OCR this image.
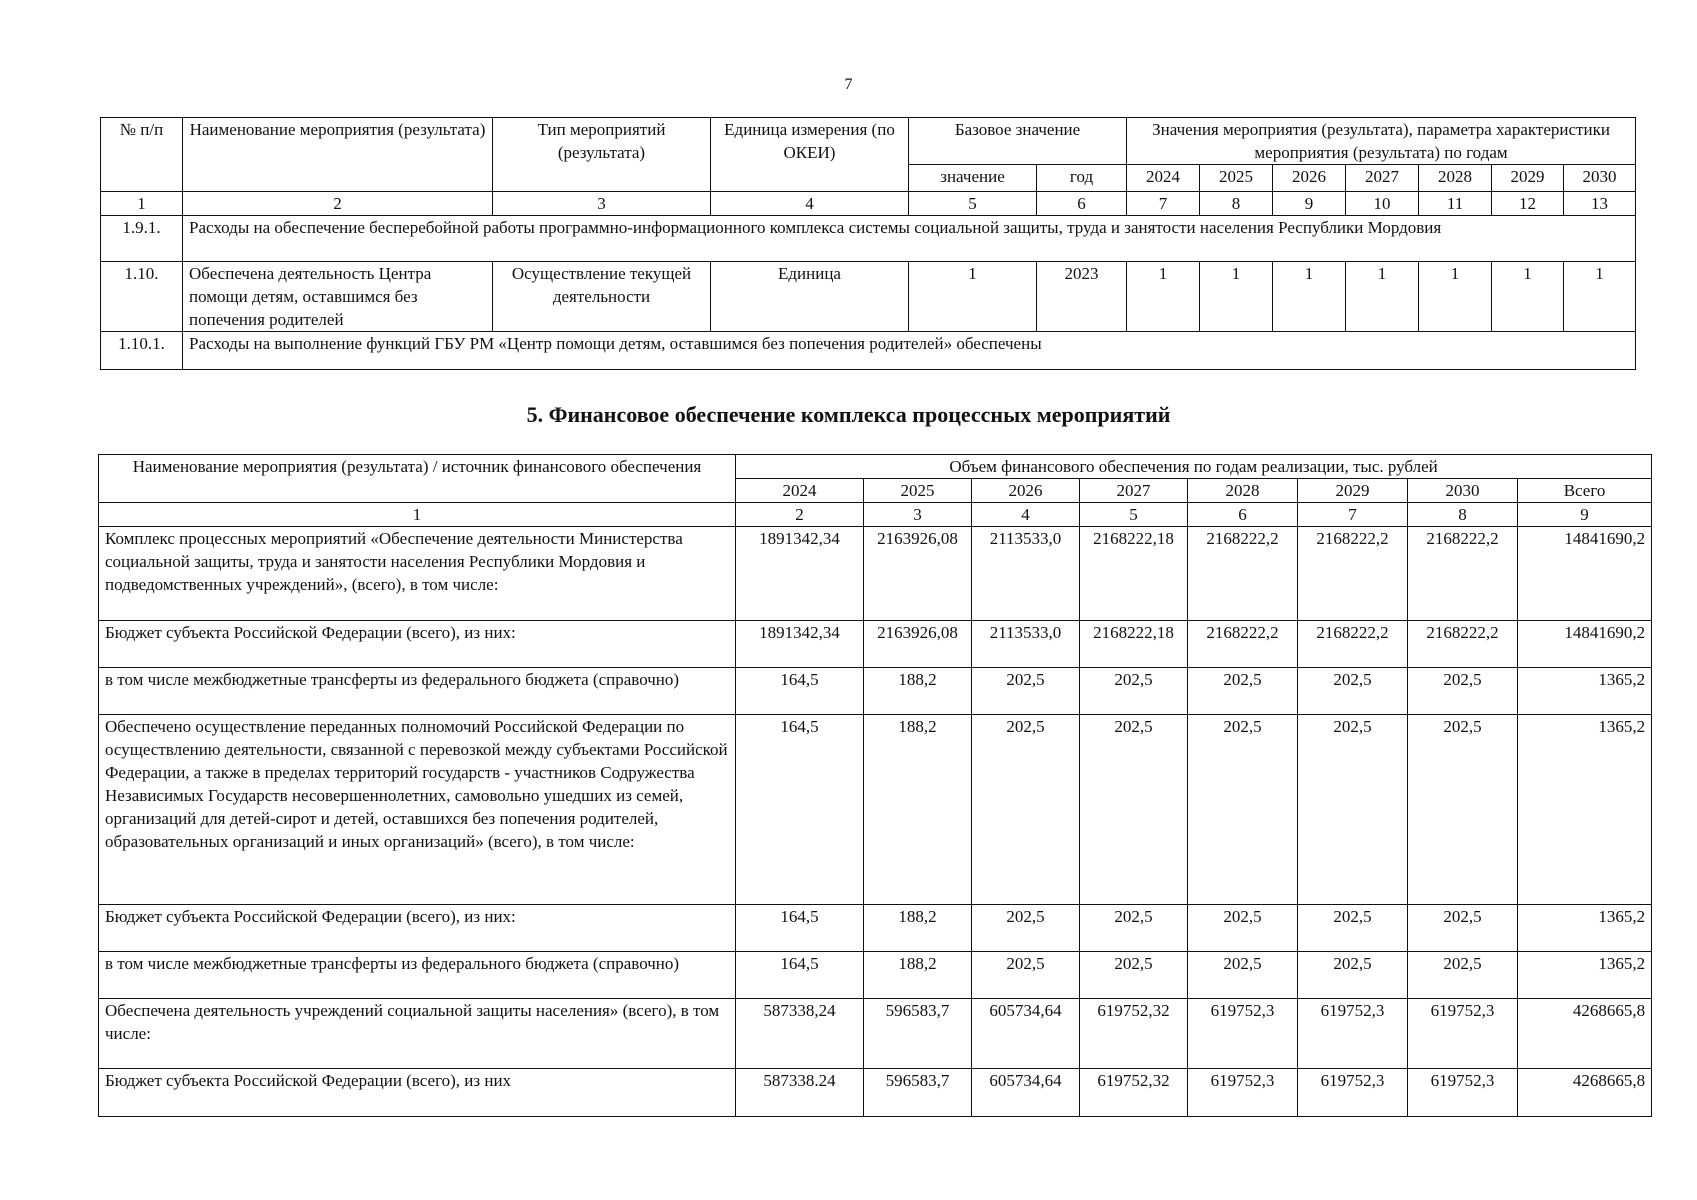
7
№ п/п	Наименование мероприятия (результата)	Тип мероприятий (результата)	Единица измерения (по ОКЕИ)	Базовое значение		Значения мероприятия (результата), параметра характеристики мероприятия (результата) по годам						
				значение	год	2024	2025	2026	2027	2028	2029	2030
1	2	3	4	5	6	7	8	9	10	11	12	13
1.9.1.	Расходы на обеспечение бесперебойной работы программно-информационного комплекса системы социальной защиты, труда и занятости населения Республики Мордовия											
1.10.	Обеспечена деятельность Центра помощи детям, оставшимся без попечения родителей	Осуществление текущей деятельности	Единица	1	2023	1	1	1	1	1	1	1
1.10.1.	Расходы на выполнение функций ГБУ РМ «Центр помощи детям, оставшимся без попечения родителей» обеспечены											
5. Финансовое обеспечение комплекса процессных мероприятий
Наименование мероприятия (результата) / источник финансового обеспечения	Объем финансового обеспечения по годам реализации, тыс. рублей							
	2024	2025	2026	2027	2028	2029	2030	Всего
1	2	3	4	5	6	7	8	9
Комплекс процессных мероприятий «Обеспечение деятельности Министерства социальной защиты, труда и занятости населения Республики Мордовия и подведомственных учреждений», (всего), в том числе:	1891342,34	2163926,08	2113533,0	2168222,18	2168222,2	2168222,2	2168222,2	14841690,2
Бюджет субъекта Российской Федерации (всего), из них:	1891342,34	2163926,08	2113533,0	2168222,18	2168222,2	2168222,2	2168222,2	14841690,2
в том числе межбюджетные трансферты из федерального бюджета (справочно)	164,5	188,2	202,5	202,5	202,5	202,5	202,5	1365,2
Обеспечено осуществление переданных полномочий Российской Федерации по осуществлению деятельности, связанной с перевозкой между субъектами Российской Федерации, а также в пределах территорий государств - участников Содружества Независимых Государств несовершеннолетних, самовольно ушедших из семей, организаций для детей-сирот и детей, оставшихся без попечения родителей, образовательных организаций и иных организаций» (всего), в том числе:	164,5	188,2	202,5	202,5	202,5	202,5	202,5	1365,2
Бюджет субъекта Российской Федерации (всего), из них:	164,5	188,2	202,5	202,5	202,5	202,5	202,5	1365,2
в том числе межбюджетные трансферты из федерального бюджета (справочно)	164,5	188,2	202,5	202,5	202,5	202,5	202,5	1365,2
Обеспечена деятельность учреждений социальной защиты населения» (всего), в том числе:	587338,24	596583,7	605734,64	619752,32	619752,3	619752,3	619752,3	4268665,8
Бюджет субъекта Российской Федерации (всего), из них	587338.24	596583,7	605734,64	619752,32	619752,3	619752,3	619752,3	4268665,8
